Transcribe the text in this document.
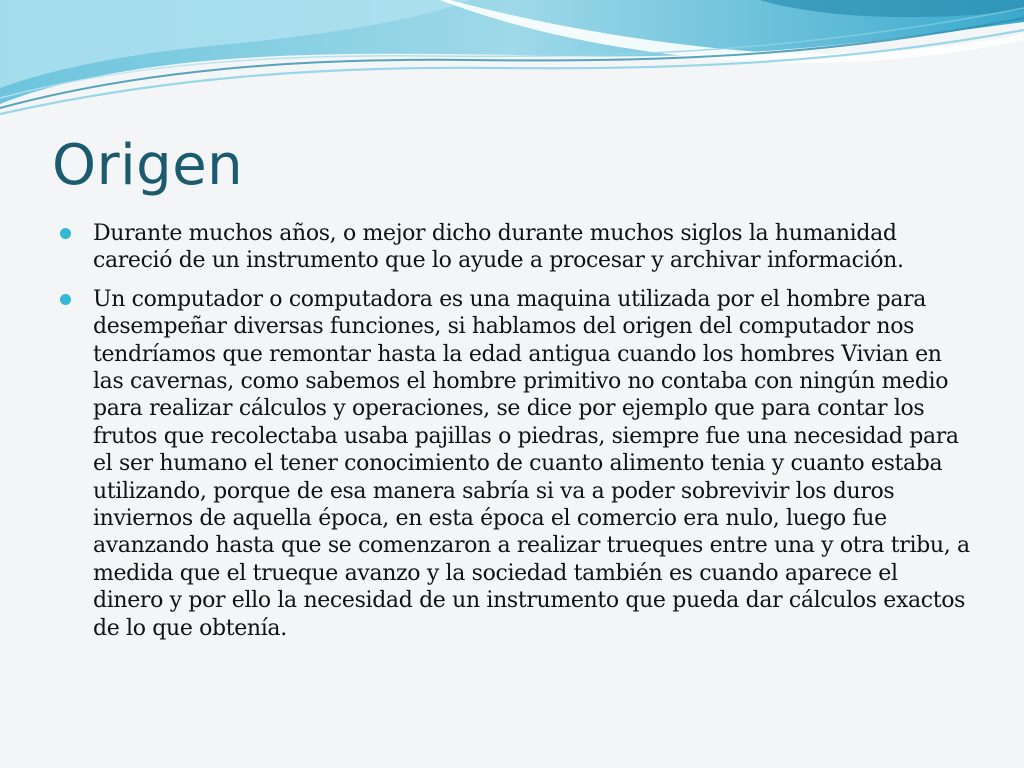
Origen
Durante muchos años, o mejor dicho durante muchos siglos la humanidad careció de un instrumento que lo ayude a procesar y archivar información.
Un computador o computadora es una maquina utilizada por el hombre para desempeñar diversas funciones, si hablamos del origen del computador nos tendríamos que remontar hasta la edad antigua cuando los hombres Vivian en las cavernas, como sabemos el hombre primitivo no contaba con ningún medio para realizar cálculos y operaciones, se dice por ejemplo que para contar los frutos que recolectaba usaba pajillas o piedras, siempre fue una necesidad para el ser humano el tener conocimiento de cuanto alimento tenia y cuanto estaba utilizando, porque de esa manera sabría si va a poder sobrevivir los duros inviernos de aquella época, en esta época el comercio era nulo, luego fue avanzando hasta que se comenzaron a realizar trueques entre una y otra tribu, a medida que el trueque avanzo y la sociedad también es cuando aparece el dinero y por ello la necesidad de un instrumento que pueda dar cálculos exactos de lo que obtenía.
